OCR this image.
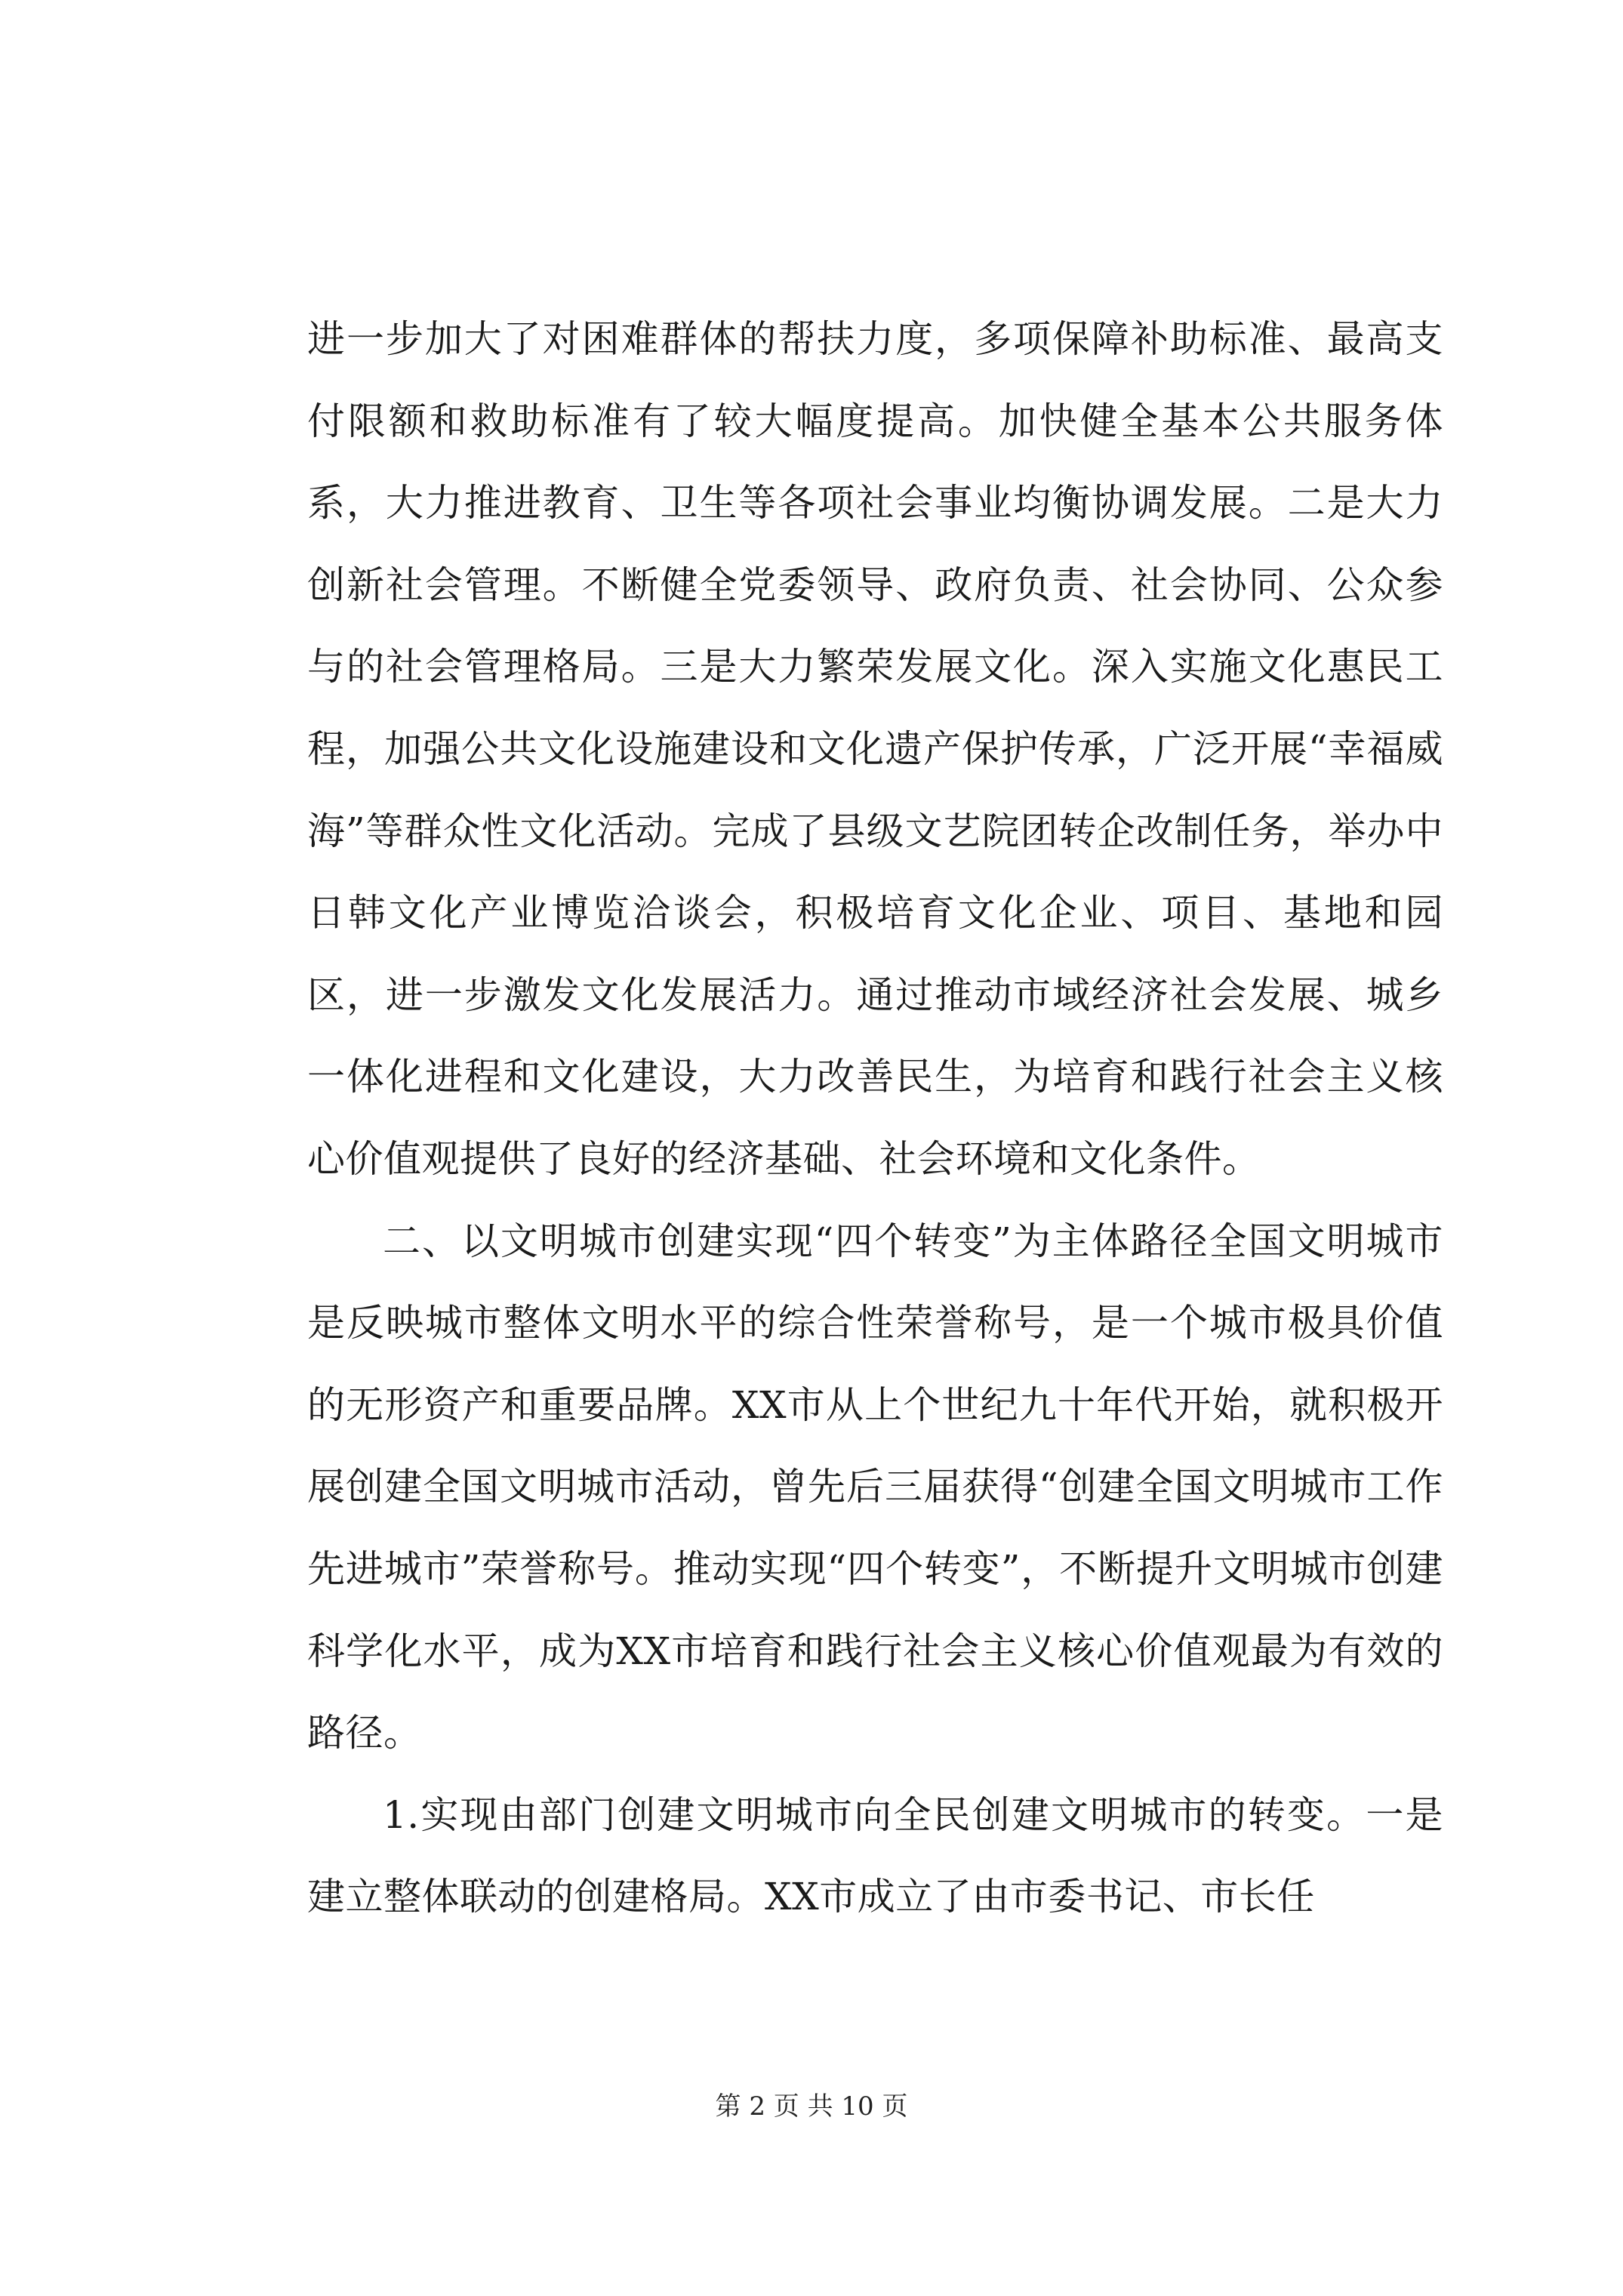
进一步加大了对困难群体的帮扶力度，多项保障补助标准、最高支付限额和救助标准有了较大幅度提高。加快健全基本公共服务体系，大力推进教育、卫生等各项社会事业均衡协调发展。二是大力创新社会管理。不断健全党委领导、政府负责、社会协同、公众参与的社会管理格局。三是大力繁荣发展文化。深入实施文化惠民工程，加强公共文化设施建设和文化遗产保护传承，广泛开展“幸福威海”等群众性文化活动。完成了县级文艺院团转企改制任务，举办中日韩文化产业博览洽谈会，积极培育文化企业、项目、基地和园区，进一步激发文化发展活力。通过推动市域经济社会发展、城乡一体化进程和文化建设，大力改善民生，为培育和践行社会主义核心价值观提供了良好的经济基础、社会环境和文化条件。

二、以文明城市创建实现“四个转变”为主体路径全国文明城市是反映城市整体文明水平的综合性荣誉称号，是一个城市极具价值的无形资产和重要品牌。XX市从上个世纪九十年代开始，就积极开展创建全国文明城市活动，曾先后三届获得“创建全国文明城市工作先进城市”荣誉称号。推动实现“四个转变”，不断提升文明城市创建科学化水平，成为XX市培育和践行社会主义核心价值观最为有效的路径。

1.实现由部门创建文明城市向全民创建文明城市的转变。一是建立整体联动的创建格局。XX市成立了由市委书记、市长任

第 2 页 共 10 页
